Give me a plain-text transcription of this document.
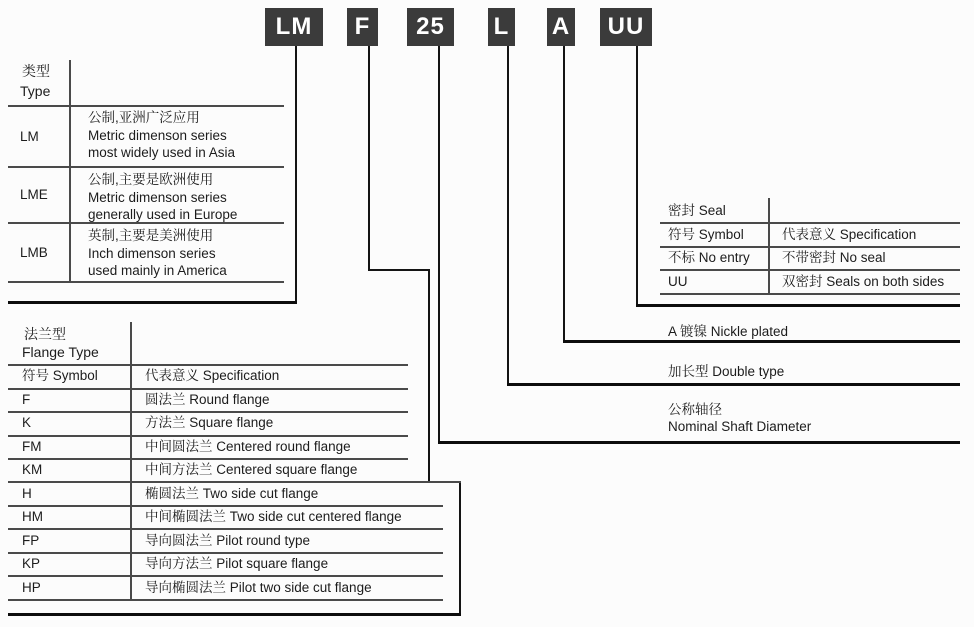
LM	F	25	L A	UU
类型
Type
LM
公制,亚洲广泛应用
Metric dimenson series
most widely used in Asia
LME
公制,主要是欧洲使用
Metric dimenson series
generally used in Europe
LMB
英制,主要是美洲使用
Inch dimenson series
used mainly in America
法兰型
Flange Type
符号 Symbol	代表意义 Specification
F	圆法兰 Round flange
K	方法兰 Square flange
FM	中间圆法兰 Centered round flange
KM	中间方法兰 Centered square flange
H	椭圆法兰 Two side cut flange
HM	中间椭圆法兰 Two side cut centered flange
FP	导向圆法兰 Pilot round type
KP	导向方法兰 Pilot square flange
HP	导向椭圆法兰 Pilot two side cut flange
密封 Seal
符号 Symbol	代表意义 Specification
不标 No entry 不带密封 No seal
UU	双密封 Seals on both sides
A 镀镍 Nickle plated
加长型 Double type
公称轴径
Nominal Shaft Diameter
